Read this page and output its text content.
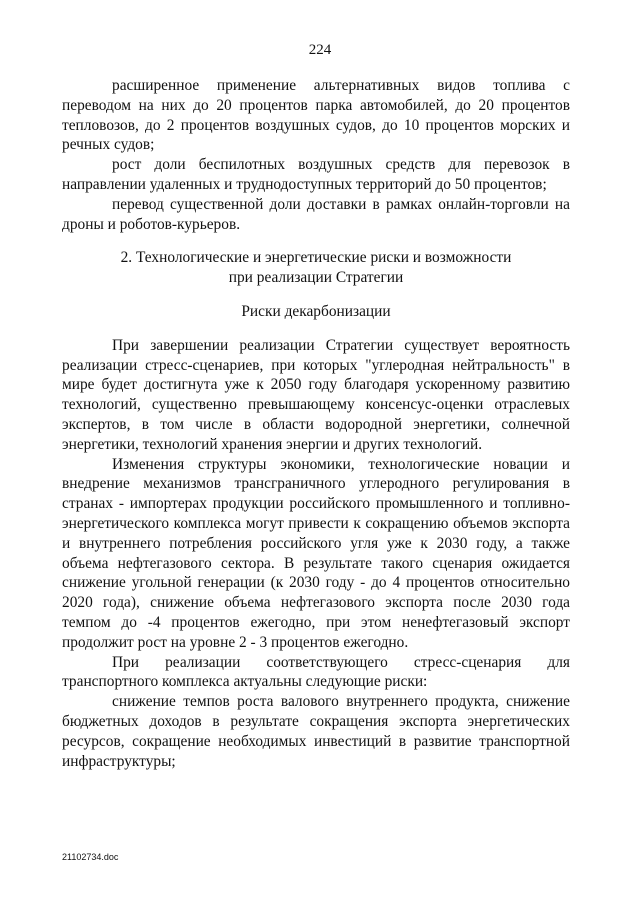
224

расширенное применение альтернативных видов топлива с переводом на них до 20 процентов парка автомобилей, до 20 процентов тепловозов, до 2 процентов воздушных судов, до 10 процентов морских и речных судов;

рост доли беспилотных воздушных средств для перевозок в направлении удаленных и труднодоступных территорий до 50 процентов;

перевод существенной доли доставки в рамках онлайн-торговли на дроны и роботов-курьеров.

2. Технологические и энергетические риски и возможности
при реализации Стратегии
Риски декарбонизации

При завершении реализации Стратегии существует вероятность реализации стресс-сценариев, при которых "углеродная нейтральность" в мире будет достигнута уже к 2050 году благодаря ускоренному развитию технологий, существенно превышающему консенсус-оценки отраслевых экспертов, в том числе в области водородной энергетики, солнечной энергетики, технологий хранения энергии и других технологий.

Изменения структуры экономики, технологические новации и внедрение механизмов трансграничного углеродного регулирования в странах - импортерах продукции российского промышленного и топливно-энергетического комплекса могут привести к сокращению объемов экспорта и внутреннего потребления российского угля уже к 2030 году, а также объема нефтегазового сектора. В результате такого сценария ожидается снижение угольной генерации (к 2030 году - до 4 процентов относительно 2020 года), снижение объема нефтегазового экспорта после 2030 года темпом до -4 процентов ежегодно, при этом ненефтегазовый экспорт продолжит рост на уровне 2 - 3 процентов ежегодно.

При реализации соответствующего стресс-сценария для транспортного комплекса актуальны следующие риски:

снижение темпов роста валового внутреннего продукта, снижение бюджетных доходов в результате сокращения экспорта энергетических ресурсов, сокращение необходимых инвестиций в развитие транспортной инфраструктуры;

21102734.doc
